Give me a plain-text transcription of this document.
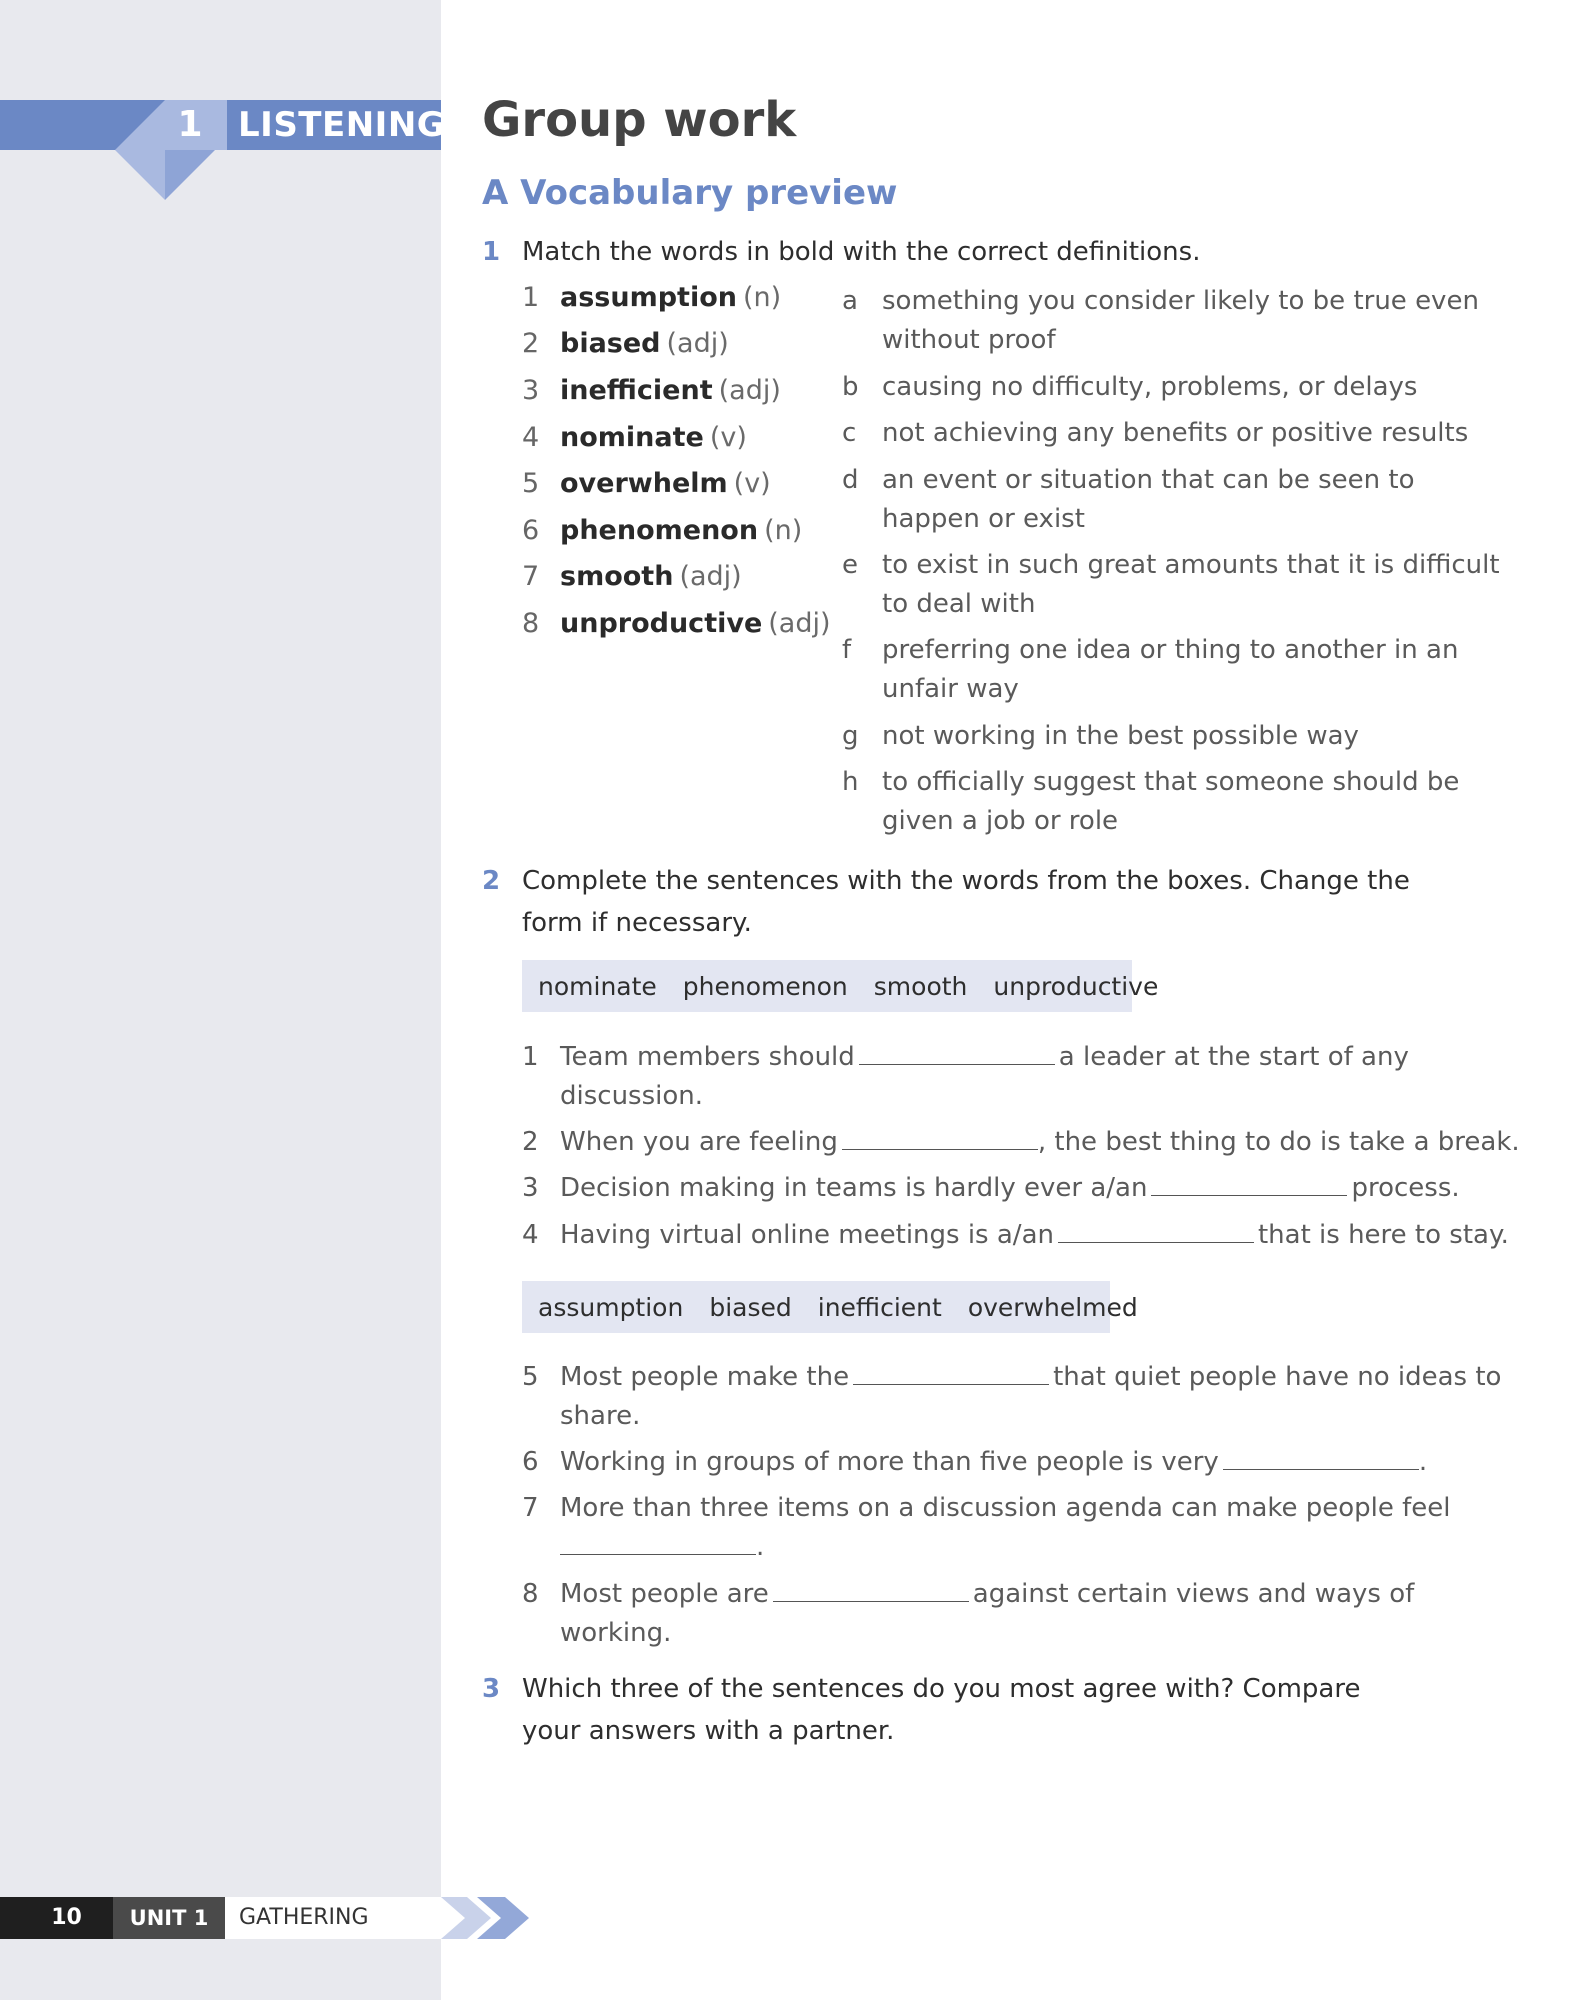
1 LISTENING Group work
A Vocabulary preview
1 Match the words in bold with the correct definitions.
1 assumption (n)
2 biased (adj)
3 inefficient (adj)
4 nominate (v)
5 overwhelm (v)
6 phenomenon (n)
7 smooth (adj)
8 unproductive (adj)
a something you consider likely to be true even without proof
b causing no difficulty, problems, or delays
c not achieving any benefits or positive results
d an event or situation that can be seen to happen or exist
e to exist in such great amounts that it is difficult to deal with
f	preferring one idea or thing to another in an unfair way
g not working in the best possible way
h to officially suggest that someone should be given a job or role
2 Complete the sentences with the words from the boxes. Change the form if necessary.
nominate phenomenon smooth unproductive
1 Team members should	a leader at the start of any discussion.
2 When you are feeling	, the best thing to do is take a break.
3 Decision making in teams is hardly ever a/an	process.
4 Having virtual online meetings is a/an	that is here to stay.
assumption biased inefficient overwhelmed
5 Most people make the	that quiet people have no ideas to share.
6 Working in groups of more than five people is very	.
7 More than three items on a discussion agenda can make people feel
.
8 Most people are	against certain views and ways of working.
3 Which three of the sentences do you most agree with? Compare your answers with a partner.
10	UNIT 1	GATHERING
